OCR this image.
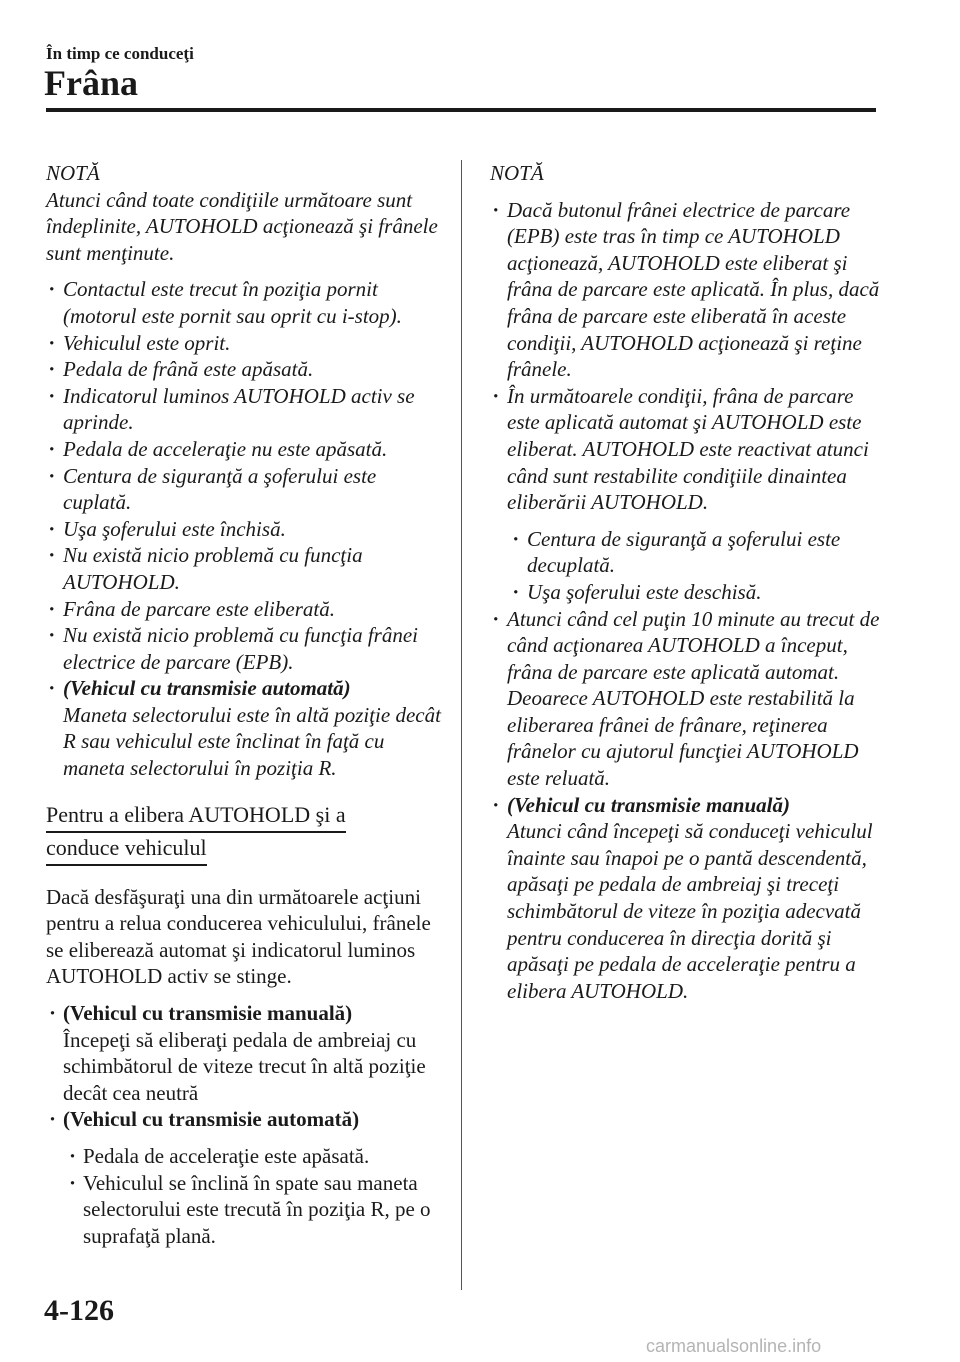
În timp ce conduceţi
Frâna
NOTĂ

Atunci când toate condiţiile următoare sunt îndeplinite, AUTOHOLD acţionează şi frânele sunt menţinute.

· Contactul este trecut în poziţia pornit (motorul este pornit sau oprit cu i-stop).
· Vehiculul este oprit.
· Pedala de frână este apăsată.
· Indicatorul luminos AUTOHOLD activ se aprinde.
· Pedala de acceleraţie nu este apăsată.
· Centura de siguranţă a şoferului este cuplată.
· Uşa şoferului este închisă.
· Nu există nicio problemă cu funcţia AUTOHOLD.
· Frâna de parcare este eliberată.
· Nu există nicio problemă cu funcţia frânei electrice de parcare (EPB).
· (Vehicul cu transmisie automată)
Maneta selectorului este în altă poziţie decât R sau vehiculul este înclinat în faţă cu maneta selectorului în poziţia R.
Pentru a elibera AUTOHOLD şi a
conduce vehiculul

Dacă desfăşuraţi una din următoarele acţiuni pentru a relua conducerea vehiculului, frânele se eliberează automat şi indicatorul luminos AUTOHOLD activ se stinge.

· (Vehicul cu transmisie manuală)
Începeţi să eliberaţi pedala de ambreiaj cu schimbătorul de viteze trecut în altă poziţie decât cea neutră
· (Vehicul cu transmisie automată)
· Pedala de acceleraţie este apăsată.
· Vehiculul se înclină în spate sau maneta selectorului este trecută în poziţia R, pe o suprafaţă plană.
NOTĂ
· Dacă butonul frânei electrice de parcare (EPB) este tras în timp ce AUTOHOLD acţionează, AUTOHOLD este eliberat şi frâna de parcare este aplicată. În plus, dacă frâna de parcare este eliberată în aceste condiţii, AUTOHOLD acţionează şi reţine frânele.
· În următoarele condiţii, frâna de parcare este aplicată automat şi AUTOHOLD este eliberat. AUTOHOLD este reactivat atunci când sunt restabilite condiţiile dinaintea eliberării AUTOHOLD.
· Centura de siguranţă a şoferului este decuplată.
· Uşa şoferului este deschisă.
· Atunci când cel puţin 10 minute au trecut de când acţionarea AUTOHOLD a început, frâna de parcare este aplicată automat. Deoarece AUTOHOLD este restabilită la eliberarea frânei de frânare, reţinerea frânelor cu ajutorul funcţiei AUTOHOLD este reluată.
· (Vehicul cu transmisie manuală)
Atunci când începeţi să conduceţi vehiculul înainte sau înapoi pe o pantă descendentă, apăsaţi pe pedala de ambreiaj şi treceţi schimbătorul de viteze în poziţia adecvată pentru conducerea în direcţia dorită şi apăsaţi pe pedala de acceleraţie pentru a elibera AUTOHOLD.
4-126
carmanualsonline.info
